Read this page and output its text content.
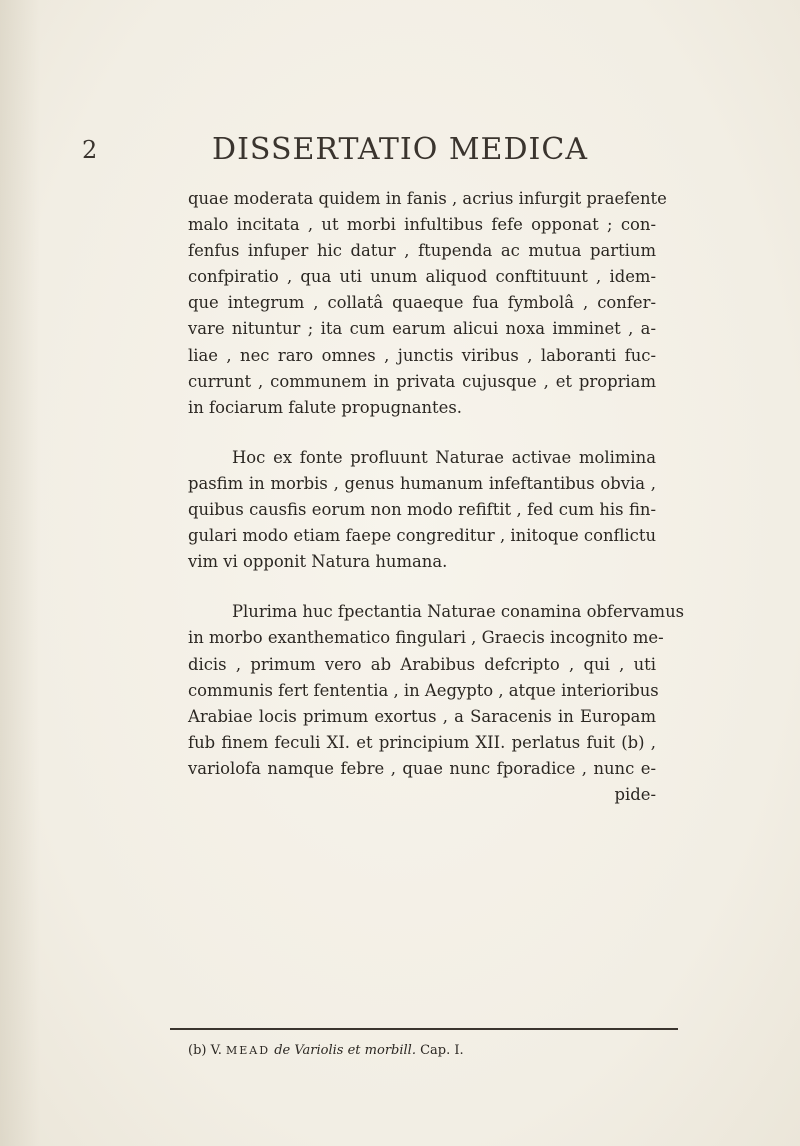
2	DISSERTATIO MEDICA
quae moderata quidem in fanis , acrius infurgit praefente
malo incitata , ut morbi infultibus fefe opponat ; con-
fenfus infuper hic datur , ftupenda ac mutua partium
confpiratio , qua uti unum aliquod conftituunt , idem-
que integrum , collatâ quaeque fua fymbolâ , confer-
vare nituntur ; ita cum earum alicui noxa imminet , a-
liae , nec raro omnes , junctis viribus , laboranti fuc-
currunt , communem in privata cujusque , et propriam
in fociarum falute propugnantes.
Hoc ex fonte profluunt Naturae activae molimina
pasfim in morbis , genus humanum infeftantibus obvia ,
quibus causfis eorum non modo refiftit , fed cum his fin-
gulari modo etiam faepe congreditur , initoque conflictu
vim vi opponit Natura humana.
Plurima huc fpectantia Naturae conamina obfervamus
in morbo exanthematico fingulari , Graecis incognito me-
dicis , primum vero ab Arabibus defcripto , qui , uti
communis fert fententia , in Aegypto , atque interioribus
Arabiae locis primum exortus , a Saracenis in Europam
fub finem feculi XI. et principium XII. perlatus fuit (b) ,
variolofa namque febre , quae nunc fporadice , nunc e-
pide-
(b) V. MEAD de Variolis et morbill. Cap. I.
